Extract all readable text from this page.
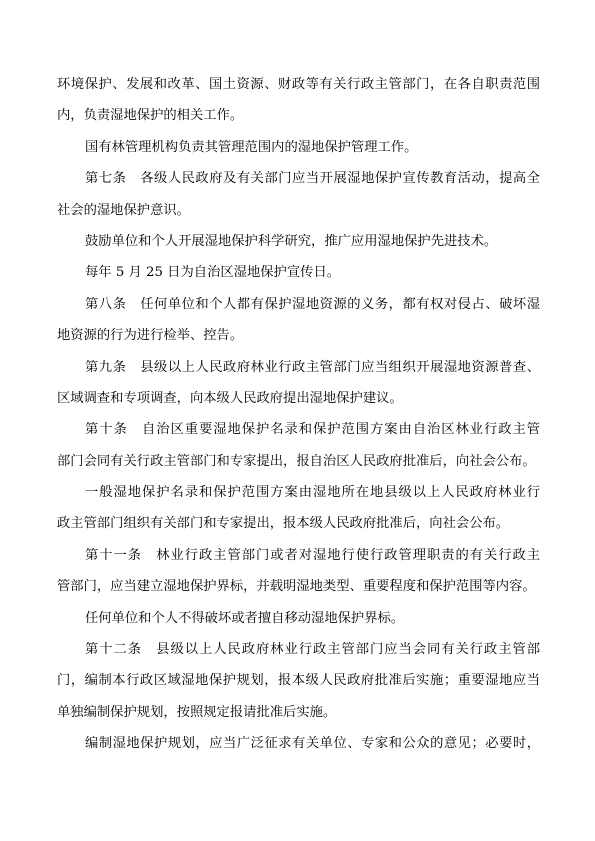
环境保护、发展和改革、国土资源、财政等有关行政主管部门，在各自职责范围
内，负责湿地保护的相关工作。
国有林管理机构负责其管理范围内的湿地保护管理工作。
第七条　各级人民政府及有关部门应当开展湿地保护宣传教育活动，提高全
社会的湿地保护意识。
鼓励单位和个人开展湿地保护科学研究，推广应用湿地保护先进技术。
每年 5 月 25 日为自治区湿地保护宣传日。
第八条　任何单位和个人都有保护湿地资源的义务，都有权对侵占、破坏湿
地资源的行为进行检举、控告。
第九条　县级以上人民政府林业行政主管部门应当组织开展湿地资源普查、
区域调查和专项调查，向本级人民政府提出湿地保护建议。
第十条　自治区重要湿地保护名录和保护范围方案由自治区林业行政主管
部门会同有关行政主管部门和专家提出，报自治区人民政府批准后，向社会公布。
一般湿地保护名录和保护范围方案由湿地所在地县级以上人民政府林业行
政主管部门组织有关部门和专家提出，报本级人民政府批准后，向社会公布。
第十一条　林业行政主管部门或者对湿地行使行政管理职责的有关行政主
管部门，应当建立湿地保护界标，并载明湿地类型、重要程度和保护范围等内容。
任何单位和个人不得破坏或者擅自移动湿地保护界标。
第十二条　县级以上人民政府林业行政主管部门应当会同有关行政主管部
门，编制本行政区域湿地保护规划，报本级人民政府批准后实施；重要湿地应当
单独编制保护规划，按照规定报请批准后实施。
编制湿地保护规划，应当广泛征求有关单位、专家和公众的意见；必要时，
